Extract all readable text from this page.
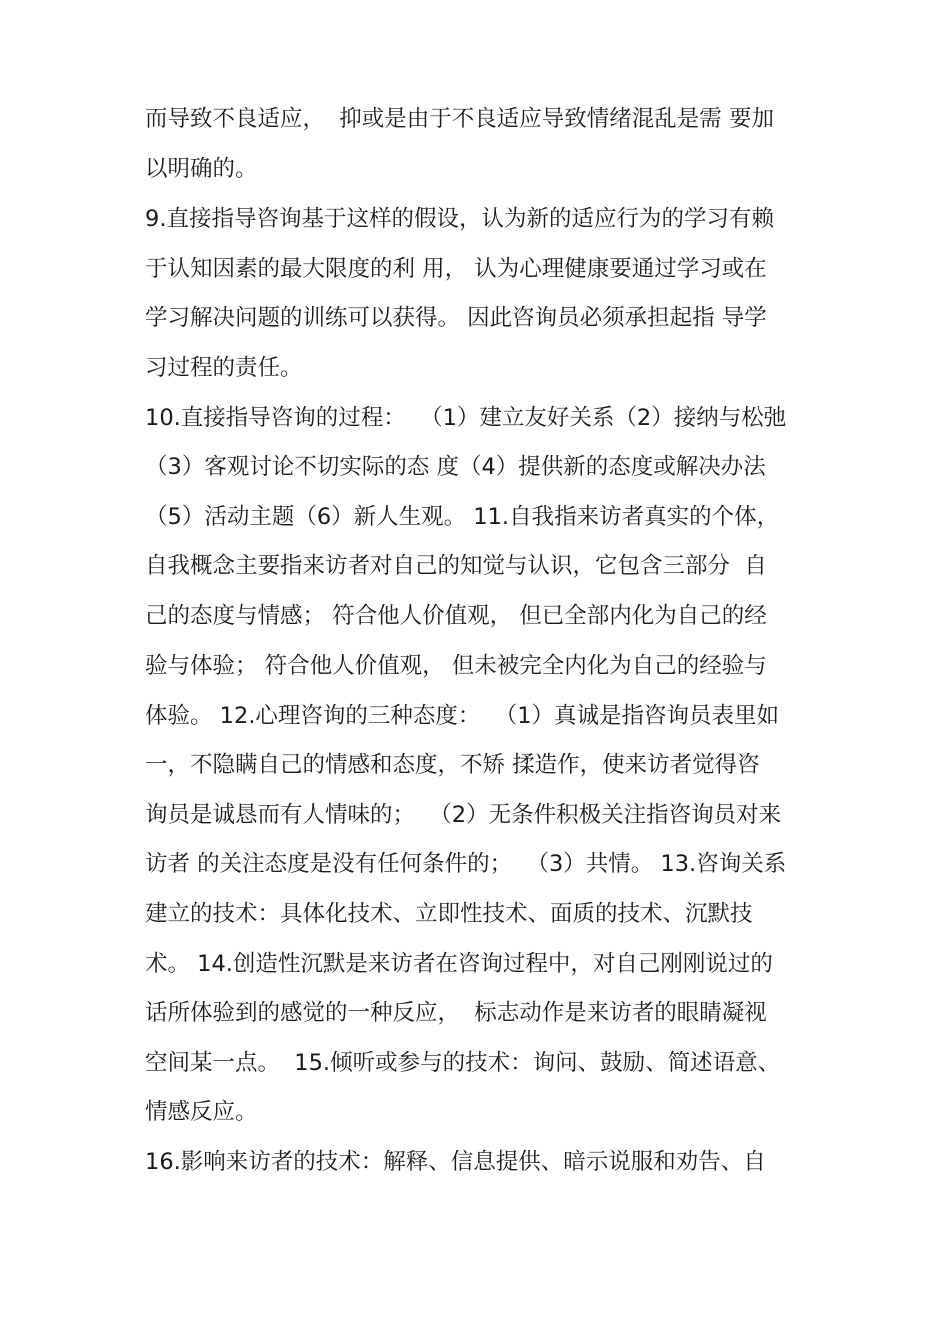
而导致不良适应，  抑或是由于不良适应导致情绪混乱是需 要加
以明确的。
9.直接指导咨询基于这样的假设，认为新的适应行为的学习有赖
于认知因素的最大限度的利 用， 认为心理健康要通过学习或在
学习解决问题的训练可以获得。 因此咨询员必须承担起指 导学
习过程的责任。
10.直接指导咨询的过程：  （1）建立友好关系（2）接纳与松弛
（3）客观讨论不切实际的态 度（4）提供新的态度或解决办法
（5）活动主题（6）新人生观。 11.自我指来访者真实的个体，
自我概念主要指来访者对自己的知觉与认识，它包含三部分  自
己的态度与情感； 符合他人价值观， 但已全部内化为自己的经
验与体验； 符合他人价值观， 但未被完全内化为自己的经验与
体验。 12.心理咨询的三种态度：  （1）真诚是指咨询员表里如
一，不隐瞒自己的情感和态度，不矫 揉造作，使来访者觉得咨
询员是诚恳而有人情味的；  （2）无条件积极关注指咨询员对来
访者 的关注态度是没有任何条件的；  （3）共情。 13.咨询关系
建立的技术：具体化技术、立即性技术、面质的技术、沉默技
术。 14.创造性沉默是来访者在咨询过程中，对自己刚刚说过的
话所体验到的感觉的一种反应，  标志动作是来访者的眼睛凝视
空间某一点。  15.倾听或参与的技术：询问、鼓励、简述语意、
情感反应。
16.影响来访者的技术：解释、信息提供、暗示说服和劝告、自
